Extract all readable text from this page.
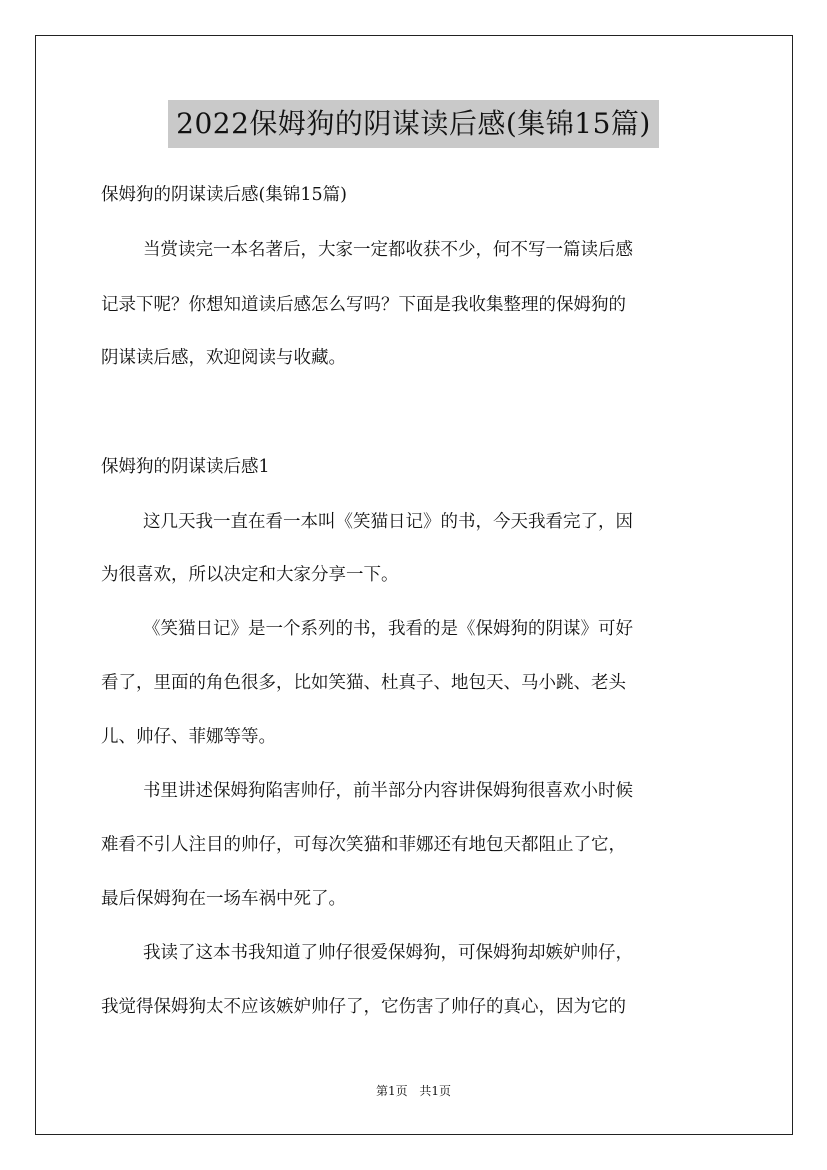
2022保姆狗的阴谋读后感(集锦15篇)
保姆狗的阴谋读后感(集锦15篇)
当赏读完一本名著后，大家一定都收获不少，何不写一篇读后感
记录下呢？你想知道读后感怎么写吗？下面是我收集整理的保姆狗的
阴谋读后感，欢迎阅读与收藏。
保姆狗的阴谋读后感1
这几天我一直在看一本叫《笑猫日记》的书，今天我看完了，因
为很喜欢，所以决定和大家分享一下。
《笑猫日记》是一个系列的书，我看的是《保姆狗的阴谋》可好
看了，里面的角色很多，比如笑猫、杜真子、地包天、马小跳、老头
儿、帅仔、菲娜等等。
书里讲述保姆狗陷害帅仔，前半部分内容讲保姆狗很喜欢小时候
难看不引人注目的帅仔，可每次笑猫和菲娜还有地包天都阻止了它，
最后保姆狗在一场车祸中死了。
我读了这本书我知道了帅仔很爱保姆狗，可保姆狗却嫉妒帅仔，
我觉得保姆狗太不应该嫉妒帅仔了，它伤害了帅仔的真心，因为它的
第1页 共1页
